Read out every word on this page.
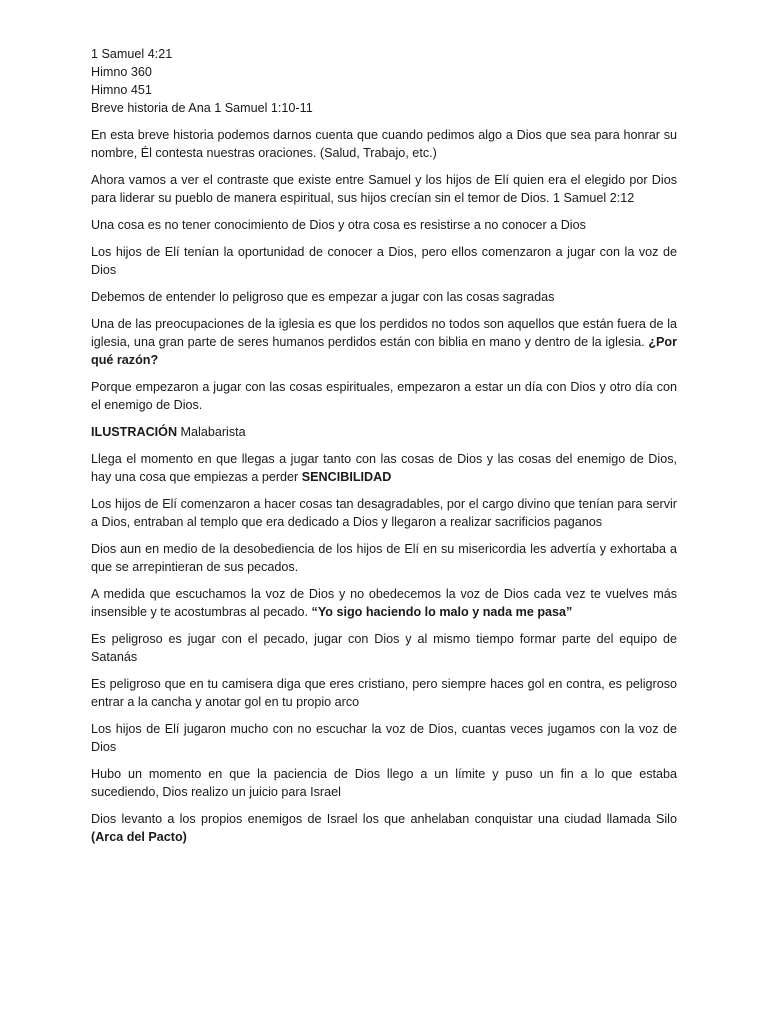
1 Samuel 4:21
Himno 360
Himno 451
Breve historia de Ana 1 Samuel 1:10-11

En esta breve historia podemos darnos cuenta que cuando pedimos algo a Dios que sea para honrar su nombre, Él contesta nuestras oraciones. (Salud, Trabajo, etc.)

Ahora vamos a ver el contraste que existe entre Samuel y los hijos de Elí quien era el elegido por Dios para liderar su pueblo de manera espiritual, sus hijos crecían sin el temor de Dios. 1 Samuel 2:12

Una cosa es no tener conocimiento de Dios y otra cosa es resistirse a no conocer a Dios

Los hijos de Elí tenían la oportunidad de conocer a Dios, pero ellos comenzaron a jugar con la voz de Dios

Debemos de entender lo peligroso que es empezar a jugar con las cosas sagradas

Una de las preocupaciones de la iglesia es que los perdidos no todos son aquellos que están fuera de la iglesia, una gran parte de seres humanos perdidos están con biblia en mano y dentro de la iglesia. ¿Por qué razón?

Porque empezaron a jugar con las cosas espirituales, empezaron a estar un día con Dios y otro día con el enemigo de Dios.

ILUSTRACIÓN Malabarista

Llega el momento en que llegas a jugar tanto con las cosas de Dios y las cosas del enemigo de Dios, hay una cosa que empiezas a perder SENCIBILIDAD

Los hijos de Elí comenzaron a hacer cosas tan desagradables, por el cargo divino que tenían para servir a Dios, entraban al templo que era dedicado a Dios y llegaron a realizar sacrificios paganos

Dios aun en medio de la desobediencia de los hijos de Elí en su misericordia les advertía y exhortaba a que se arrepintieran de sus pecados.

A medida que escuchamos la voz de Dios y no obedecemos la voz de Dios cada vez te vuelves más insensible y te acostumbras al pecado. “Yo sigo haciendo lo malo y nada me pasa”

Es peligroso es jugar con el pecado, jugar con Dios y al mismo tiempo formar parte del equipo de Satanás

Es peligroso que en tu camisera diga que eres cristiano, pero siempre haces gol en contra, es peligroso entrar a la cancha y anotar gol en tu propio arco

Los hijos de Elí jugaron mucho con no escuchar la voz de Dios, cuantas veces jugamos con la voz de Dios

Hubo un momento en que la paciencia de Dios llego a un límite y puso un fin a lo que estaba sucediendo, Dios realizo un juicio para Israel

Dios levanto a los propios enemigos de Israel los que anhelaban conquistar una ciudad llamada Silo (Arca del Pacto)
